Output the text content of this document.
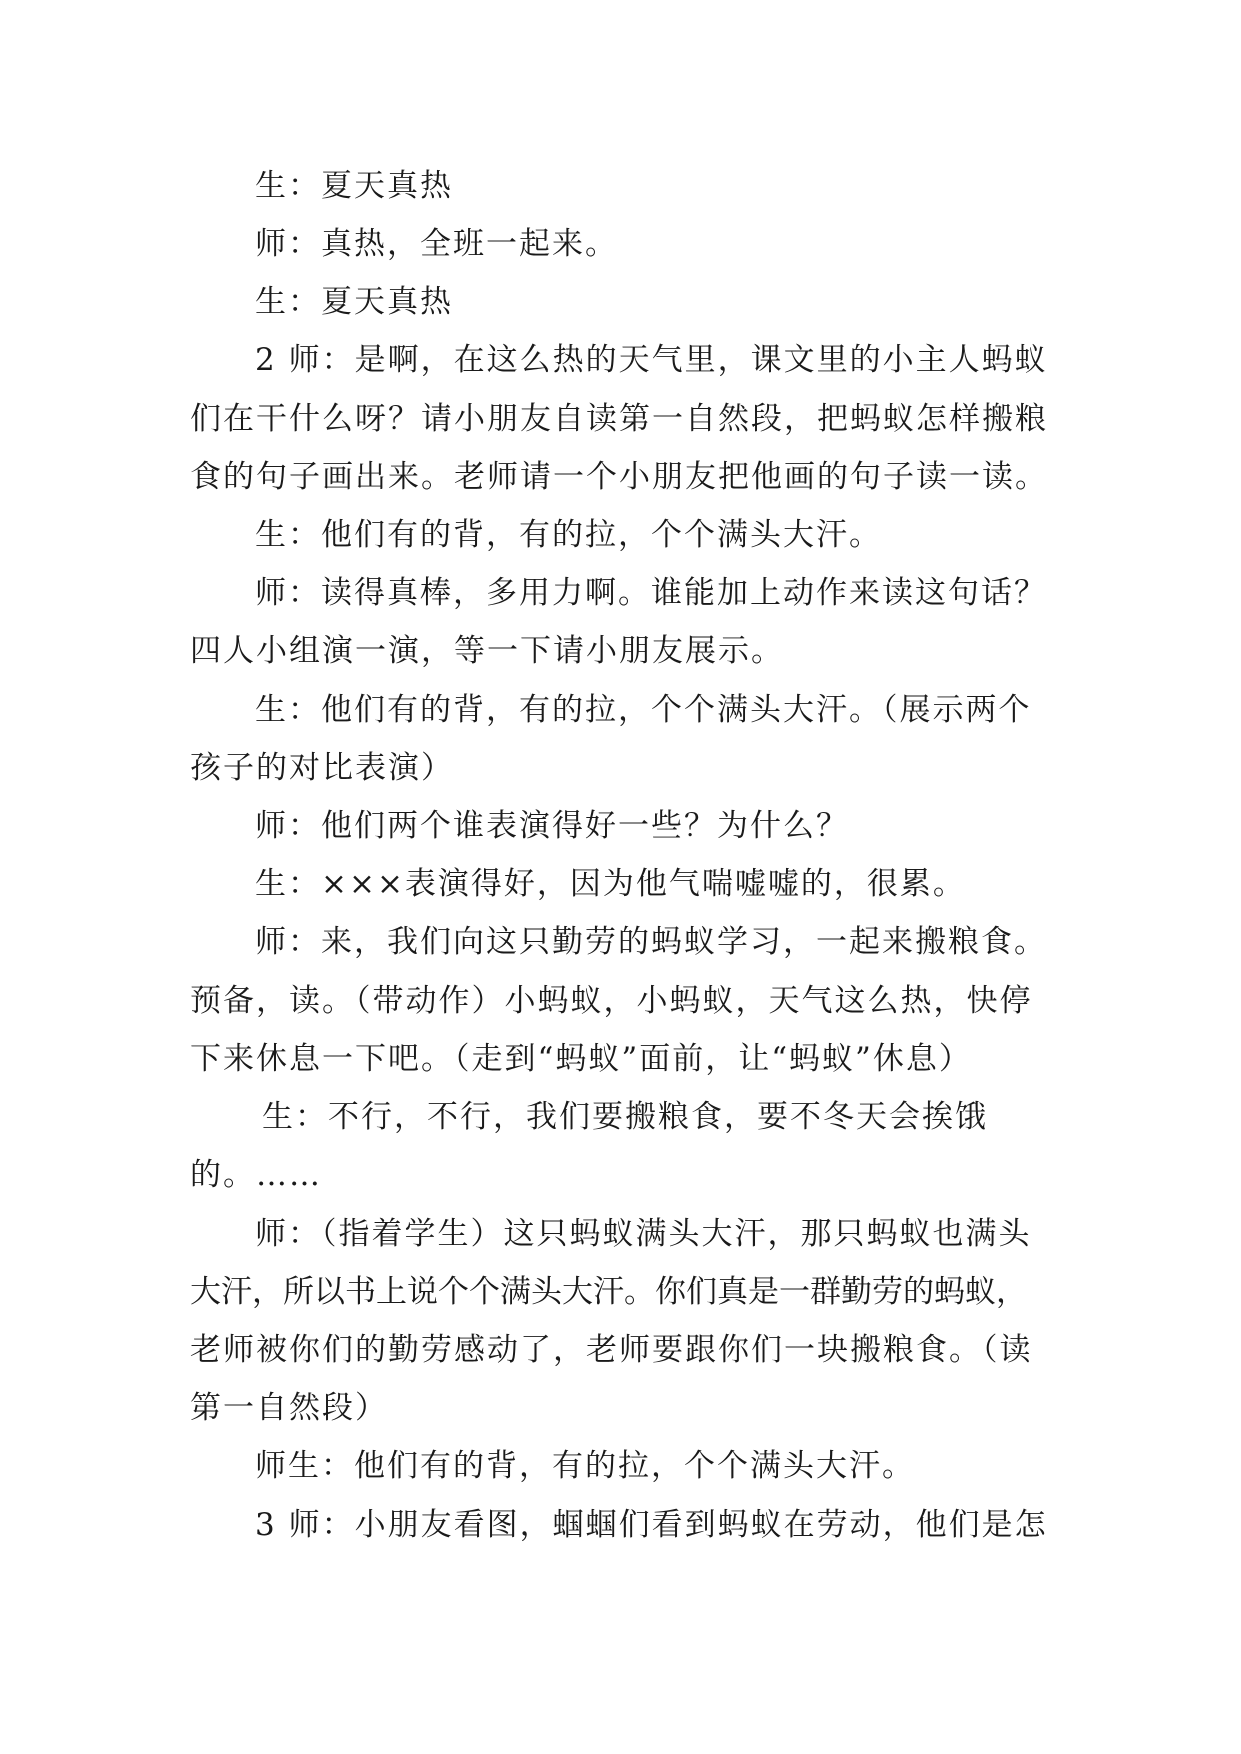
生：夏天真热
师：真热，全班一起来。
生：夏天真热
2 师：是啊，在这么热的天气里，课文里的小主人蚂蚁
们在干什么呀？请小朋友自读第一自然段，把蚂蚁怎样搬粮
食的句子画出来。老师请一个小朋友把他画的句子读一读。
生：他们有的背，有的拉，个个满头大汗。
师：读得真棒，多用力啊。谁能加上动作来读这句话？
四人小组演一演，等一下请小朋友展示。
生：他们有的背，有的拉，个个满头大汗。（展示两个
孩子的对比表演）
师：他们两个谁表演得好一些？为什么？
生：×××表演得好，因为他气喘嘘嘘的，很累。
师：来，我们向这只勤劳的蚂蚁学习，一起来搬粮食。
预备，读。（带动作）小蚂蚁，小蚂蚁，天气这么热，快停
下来休息一下吧。（走到“蚂蚁”面前，让“蚂蚁”休息）
生：不行，不行，我们要搬粮食，要不冬天会挨饿
的。……
师：（指着学生）这只蚂蚁满头大汗，那只蚂蚁也满头
大汗，所以书上说个个满头大汗。你们真是一群勤劳的蚂蚁，
老师被你们的勤劳感动了，老师要跟你们一块搬粮食。（读
第一自然段）
师生：他们有的背，有的拉，个个满头大汗。
3 师：小朋友看图，蝈蝈们看到蚂蚁在劳动，他们是怎
